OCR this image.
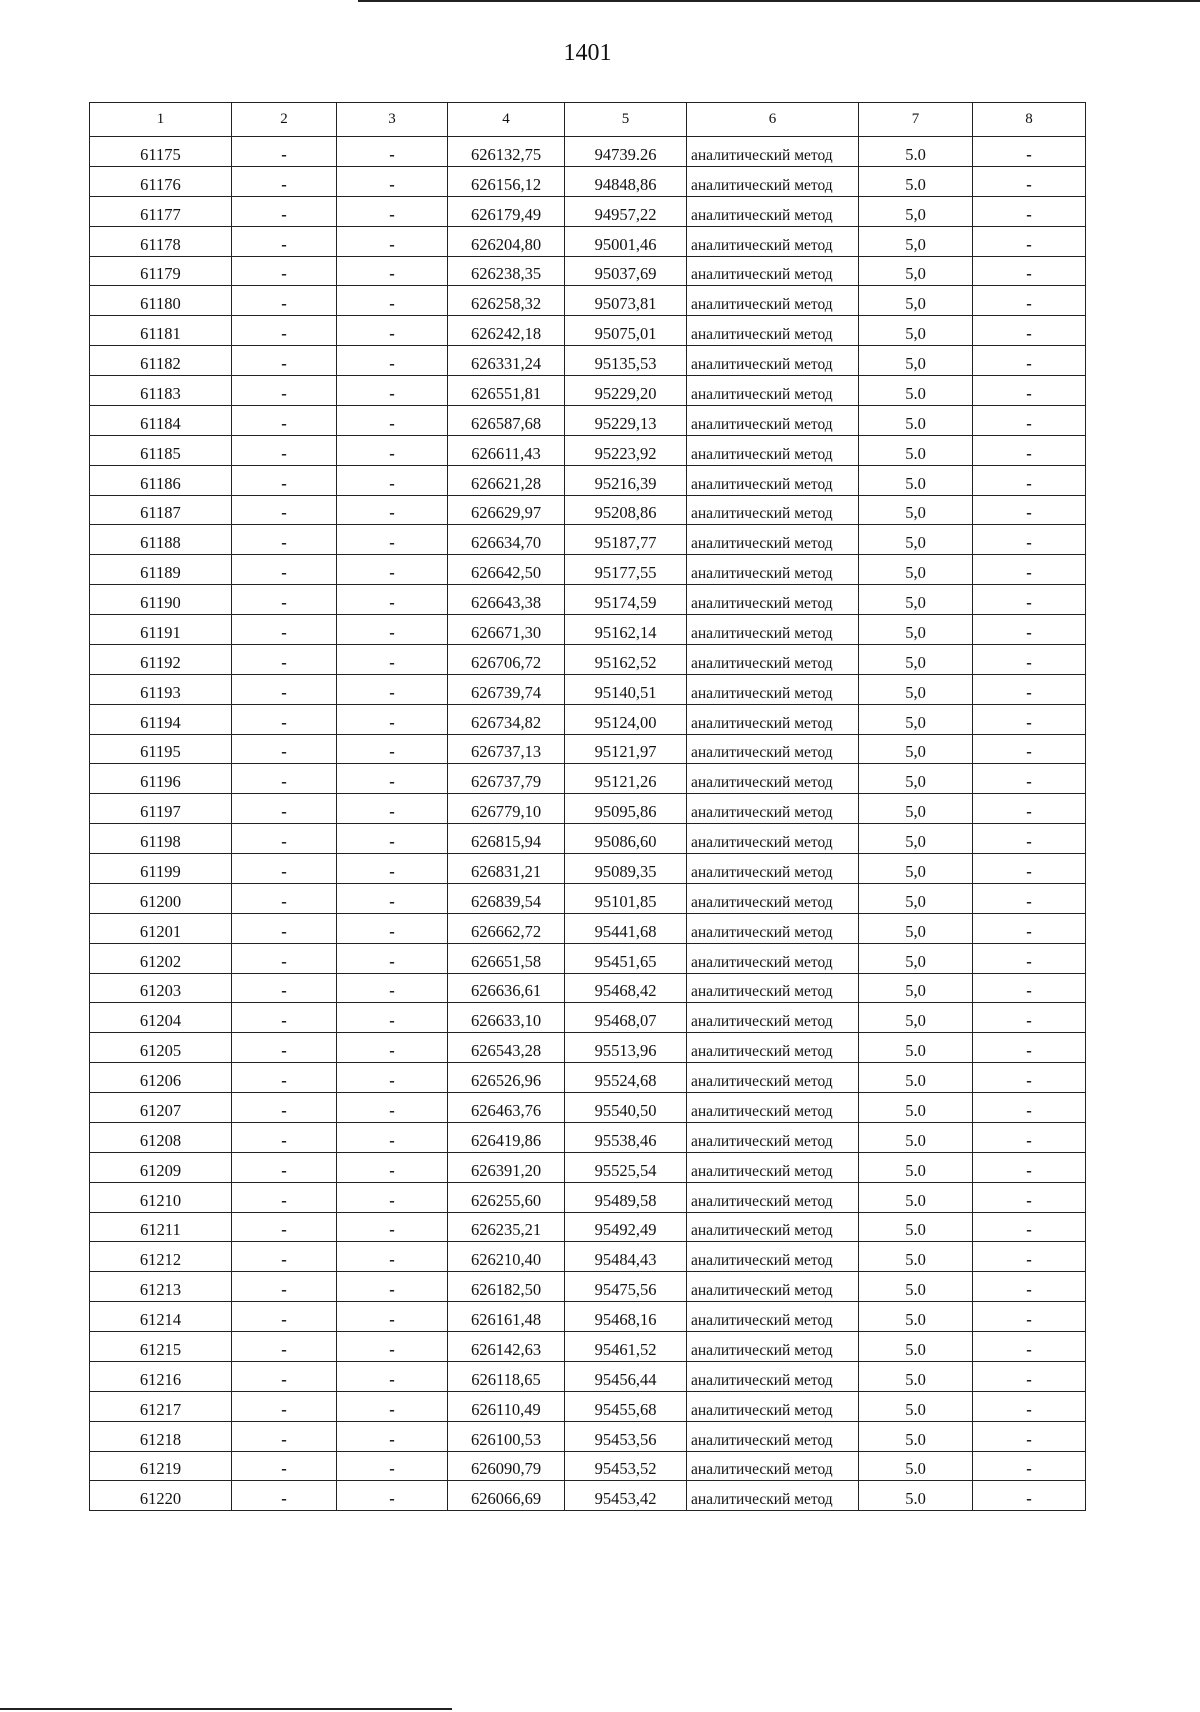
1401
1	2	3	4	5	6	7	8
61175	-	-	626132,75	94739.26	аналитический метод	5.0	-
61176	-	-	626156,12	94848,86	аналитический метод	5.0	-
61177	-	-	626179,49	94957,22	аналитический метод	5,0	-
61178	-	-	626204,80	95001,46	аналитический метод	5,0	-
61179	-	-	626238,35	95037,69	аналитический метод	5,0	-
61180	-	-	626258,32	95073,81	аналитический метод	5,0	-
61181	-	-	626242,18	95075,01	аналитический метод	5,0	-
61182	-	-	626331,24	95135,53	аналитический метод	5,0	-
61183	-	-	626551,81	95229,20	аналитический метод	5.0	-
61184	-	-	626587,68	95229,13	аналитический метод	5.0	-
61185	-	-	626611,43	95223,92	аналитический метод	5.0	-
61186	-	-	626621,28	95216,39	аналитический метод	5.0	-
61187	-	-	626629,97	95208,86	аналитический метод	5,0	-
61188	-	-	626634,70	95187,77	аналитический метод	5,0	-
61189	-	-	626642,50	95177,55	аналитический метод	5,0	-
61190	-	-	626643,38	95174,59	аналитический метод	5,0	-
61191	-	-	626671,30	95162,14	аналитический метод	5,0	-
61192	-	-	626706,72	95162,52	аналитический метод	5,0	-
61193	-	-	626739,74	95140,51	аналитический метод	5,0	-
61194	-	-	626734,82	95124,00	аналитический метод	5,0	-
61195	-	-	626737,13	95121,97	аналитический метод	5,0	-
61196	-	-	626737,79	95121,26	аналитический метод	5,0	-
61197	-	-	626779,10	95095,86	аналитический метод	5,0	-
61198	-	-	626815,94	95086,60	аналитический метод	5,0	-
61199	-	-	626831,21	95089,35	аналитический метод	5,0	-
61200	-	-	626839,54	95101,85	аналитический метод	5,0	-
61201	-	-	626662,72	95441,68	аналитический метод	5,0	-
61202	-	-	626651,58	95451,65	аналитический метод	5,0	-
61203	-	-	626636,61	95468,42	аналитический метод	5,0	-
61204	-	-	626633,10	95468,07	аналитический метод	5,0	-
61205	-	-	626543,28	95513,96	аналитический метод	5.0	-
61206	-	-	626526,96	95524,68	аналитический метод	5.0	-
61207	-	-	626463,76	95540,50	аналитический метод	5.0	-
61208	-	-	626419,86	95538,46	аналитический метод	5.0	-
61209	-	-	626391,20	95525,54	аналитический метод	5.0	-
61210	-	-	626255,60	95489,58	аналитический метод	5.0	-
61211	-	-	626235,21	95492,49	аналитический метод	5.0	-
61212	-	-	626210,40	95484,43	аналитический метод	5.0	-
61213	-	-	626182,50	95475,56	аналитический метод	5.0	-
61214	-	-	626161,48	95468,16	аналитический метод	5.0	-
61215	-	-	626142,63	95461,52	аналитический метод	5.0	-
61216	-	-	626118,65	95456,44	аналитический метод	5.0	-
61217	-	-	626110,49	95455,68	аналитический метод	5.0	-
61218	-	-	626100,53	95453,56	аналитический метод	5.0	-
61219	-	-	626090,79	95453,52	аналитический метод	5.0	-
61220	-	-	626066,69	95453,42	аналитический метод	5.0	-
